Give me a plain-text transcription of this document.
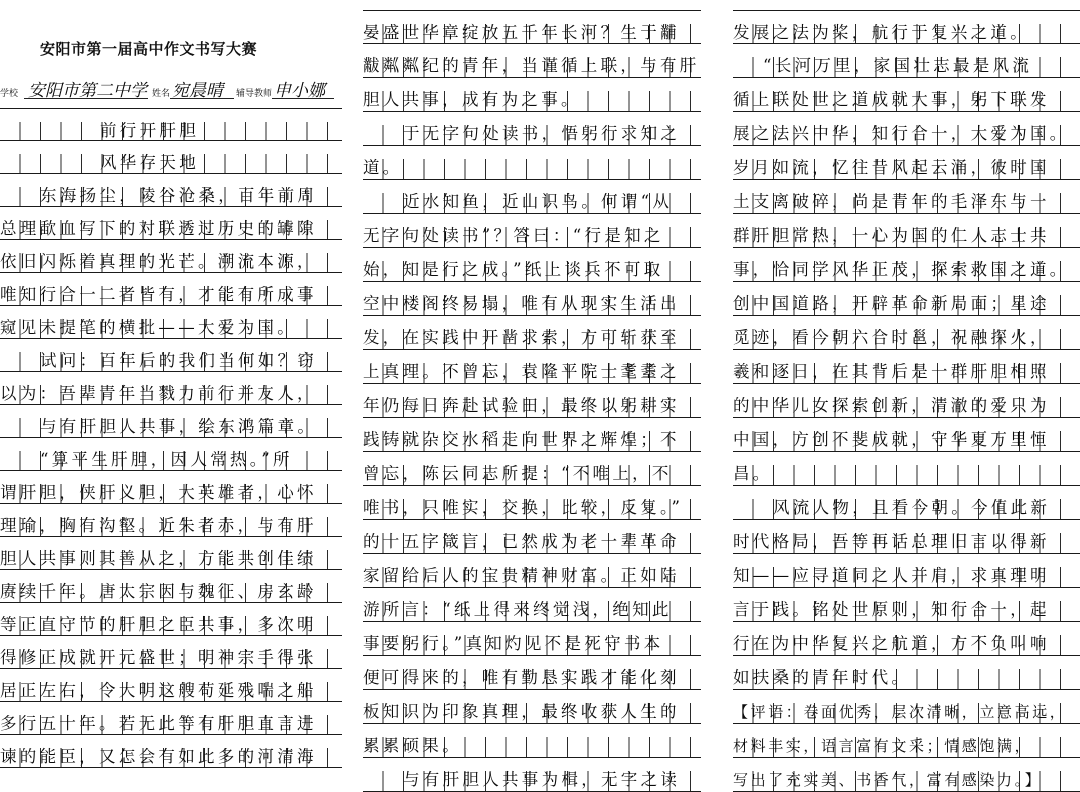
安阳市第一届高中作文书写大赛
学校 安阳市第二中学 姓名 宛晨晴 辅导教师 申小娜
前行开肝胆
风华存天地
东海扬尘，陵谷沧桑，百年前周
总理歃血写下的对联透过历史的罅隙
依旧闪烁着真理的光芒。溯流本源，
唯知行合一二者皆有，才能有所成事
窥见未提笔的横批——大爱为国。
试问：百年后的我们当何如？窃
以为：吾辈青年当戮力前行并友人，
与有肝胆人共事，绘东鸿篇章。
“算平生肝胆，因人常热。”所
谓肝胆，侠肝义胆，大英雄者，心怀
理瑜，胸有沟壑。近朱者赤，与有肝
胆人共事则其善从之，方能共创佳绩
赓续千年。唐太宗因与魏征、房玄龄
等正直守节的肝胆之臣共事，多次明
得修正成就开元盛世；明神宗手得张
居正左右，令大明这艘苟延残喘之船
多行五十年。若无此等有肝胆直言进
谏的能臣，又怎会有如此多的河清海
晏盛世华章绽放五千年长河？生于黼
黻粼粼纪的青年，当谨循上联，与有肝
胆人共事，成有为之事。
于无字句处读书，悟躬行求知之
道。
近水知鱼，近山识鸟。何谓“从
无字句处读书”？答曰：“行是知之
始，知是行之成。”纸上谈兵不可取
空中楼阁终易塌，唯有从现实生活出
发，在实践中开凿求索，方可斩获至
上真理。不曾忘，袁隆平院士耄耋之
年仍每日奔赴试验田，最终以躬耕实
践铸就杂交水稻走向世界之辉煌；不
曾忘，陈云同志所提：“不唯上，不
唯书，只唯实，交换，比较，反复。”
的十五字箴言，已然成为老一辈革命
家留给后人的宝贵精神财富。正如陆
游所言：“纸上得来终觉浅，绝知此
事要躬行。”真知灼见不是死守书本
便可得来的，唯有勤恳实践才能化刻
板知识为印象真理，最终收获人生的
累累硕果。
与有肝胆人共事为楫，无字之读
发展之法为桨，航行于复兴之道。
“长河万里，家国壮志最是风流
循上联处世之道成就大事，躬下联发
展之法兴中华，知行合一，大爱为国。
岁月如流，忆往昔风起云涌，彼时国
土支离破碎，尚是青年的毛泽东与一
群肝胆常热，一心为国的仁人志士共
事，恰同学风华正茂，探索救国之道。
创中国道路，开辟革命新局面；星途
觅迹，看今朝六合时邕，祝融探火，
羲和逐日，在其背后是一群肝胆相照
的中华儿女探索创新，清澈的爱只为
中国，方创不斐成就，守华夏万里恒
昌。
风流人物，且看今朝。今值此新
时代格局，吾等再话总理旧言以得新
知——应寻道同之人并肩，求真理明
言于践。铭处世原则，知行合一，起
行在为中华复兴之航道，方不负叫响
如扶桑的青年时代。
【评语：卷面优秀，层次清晰，立意高远，
材料丰实，语言富有文采；情感饱满，
写出了充实美、书香气，富有感染力。】
